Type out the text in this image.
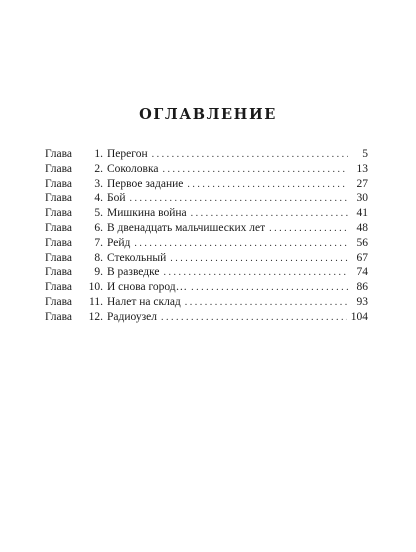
ОГЛАВЛЕНИЕ
Глава	1. Перегон . . .	5
Глава	2. Соколовка . . .	13
Глава	3. Первое задание . . .	27
Глава	4. Бой . . .	30
Глава	5. Мишкина война . . .	41
Глава	6. В двенадцать мальчишеских лет . . .	48
Глава	7. Рейд . . .	56
Глава	8. Стекольный . . .	67
Глава	9. В разведке . . .	74
Глава	10. И снова город… . . .	86
Глава	11. Налет на склад . . .	93
Глава	12. Радиоузел . . .	104
